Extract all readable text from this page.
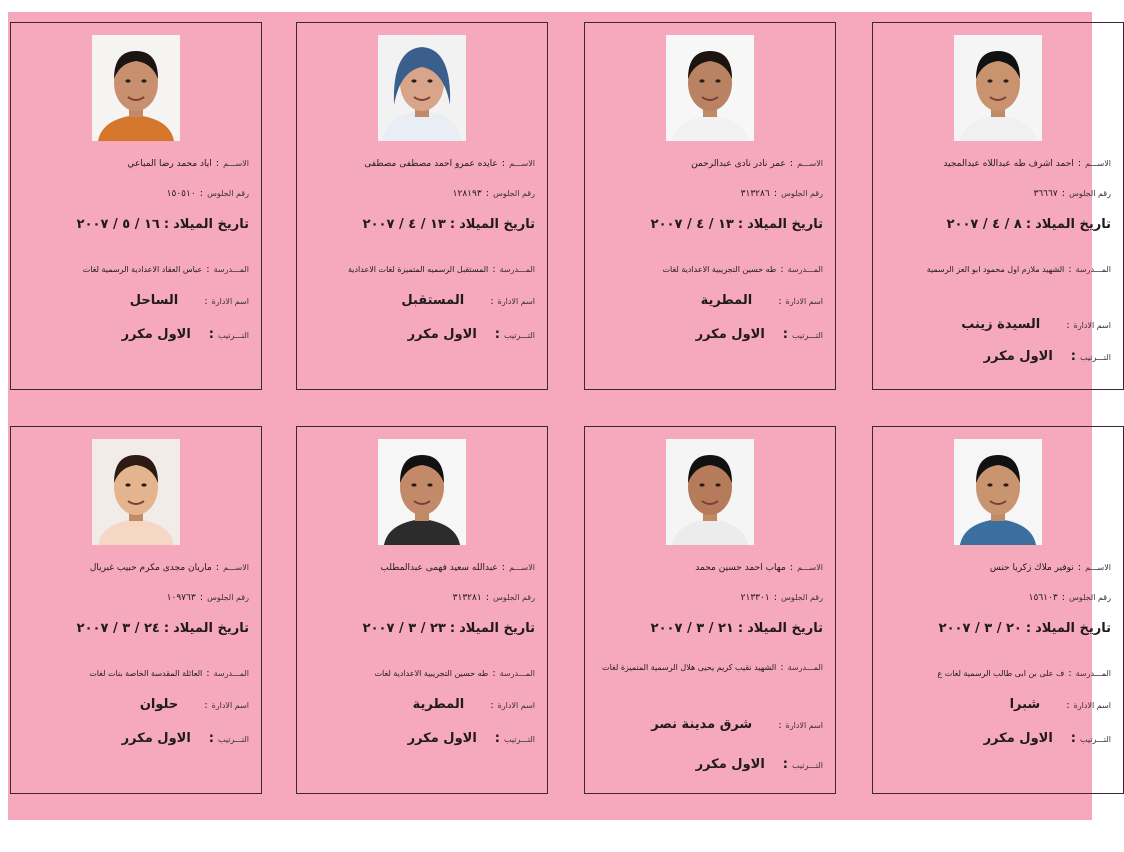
الاســـم:اياد محمد رضا المباعي
رقم الجلوس:١٥٠٥١٠
تاريخ الميلاد:١٦ / ٥ / ٢٠٠٧
المـــدرسة:عباس العقاد الاعدادية الرسمية لغات
اسم الادارة:الساحل
التـــرتيب:الاول مكرر
الاســـم:عايده عمرو احمد مصطفى مصطفى
رقم الجلوس:١٢٨١٩٣
تاريخ الميلاد:١٣ / ٤ / ٢٠٠٧
المـــدرسة:المستقبل الرسميه المتميزة لغات الاعدادية
اسم الادارة:المستقبل
التـــرتيب:الاول مكرر
الاســـم:عمر نادر نادى عبدالرحمن
رقم الجلوس:٣١٣٢٨٦
تاريخ الميلاد:١٣ / ٤ / ٢٠٠٧
المـــدرسة:طه حسين التجريبية الاعدادية لغات
اسم الادارة:المطرية
التـــرتيب:الاول مكرر
الاســـم:احمد اشرف طه عبداللاه عبدالمجيد
رقم الجلوس:٣٦٦٦٧
تاريخ الميلاد:٨ / ٤ / ٢٠٠٧
المـــدرسة:الشهيد ملازم اول محمود ابو العز الرسمية
اسم الادارة:السيدة زينب
التـــرتيب:الاول مكرر
الاســـم:ماريان مجدى مكرم حبيب غبريال
رقم الجلوس:١٠٩٧٦٣
تاريخ الميلاد:٢٤ / ٣ / ٢٠٠٧
المـــدرسة:العائلة المقدسة الخاصة بنات لغات
اسم الادارة:حلوان
التـــرتيب:الاول مكرر
الاســـم:عبدالله سعيد فهمى عبدالمطلب
رقم الجلوس:٣١٣٢٨١
تاريخ الميلاد:٢٣ / ٣ / ٢٠٠٧
المـــدرسة:طه حسين التجريبية الاعدادية لغات
اسم الادارة:المطرية
التـــرتيب:الاول مكرر
الاســـم:مهاب احمد حسين محمد
رقم الجلوس:٢١٣٣٠١
تاريخ الميلاد:٢١ / ٣ / ٢٠٠٧
المـــدرسة:الشهيد نقيب كريم يحيى هلال الرسمية المتميزة لغات
اسم الادارة:شرق مدينة نصر
التـــرتيب:الاول مكرر
الاســـم:نوفير ملاك زكريا حنس
رقم الجلوس:١٥٦١٠٣
تاريخ الميلاد:٢٠ / ٣ / ٢٠٠٧
المـــدرسة:ف على بن ابى طالب الرسمية لغات ع
اسم الادارة:شبرا
التـــرتيب:الاول مكرر
